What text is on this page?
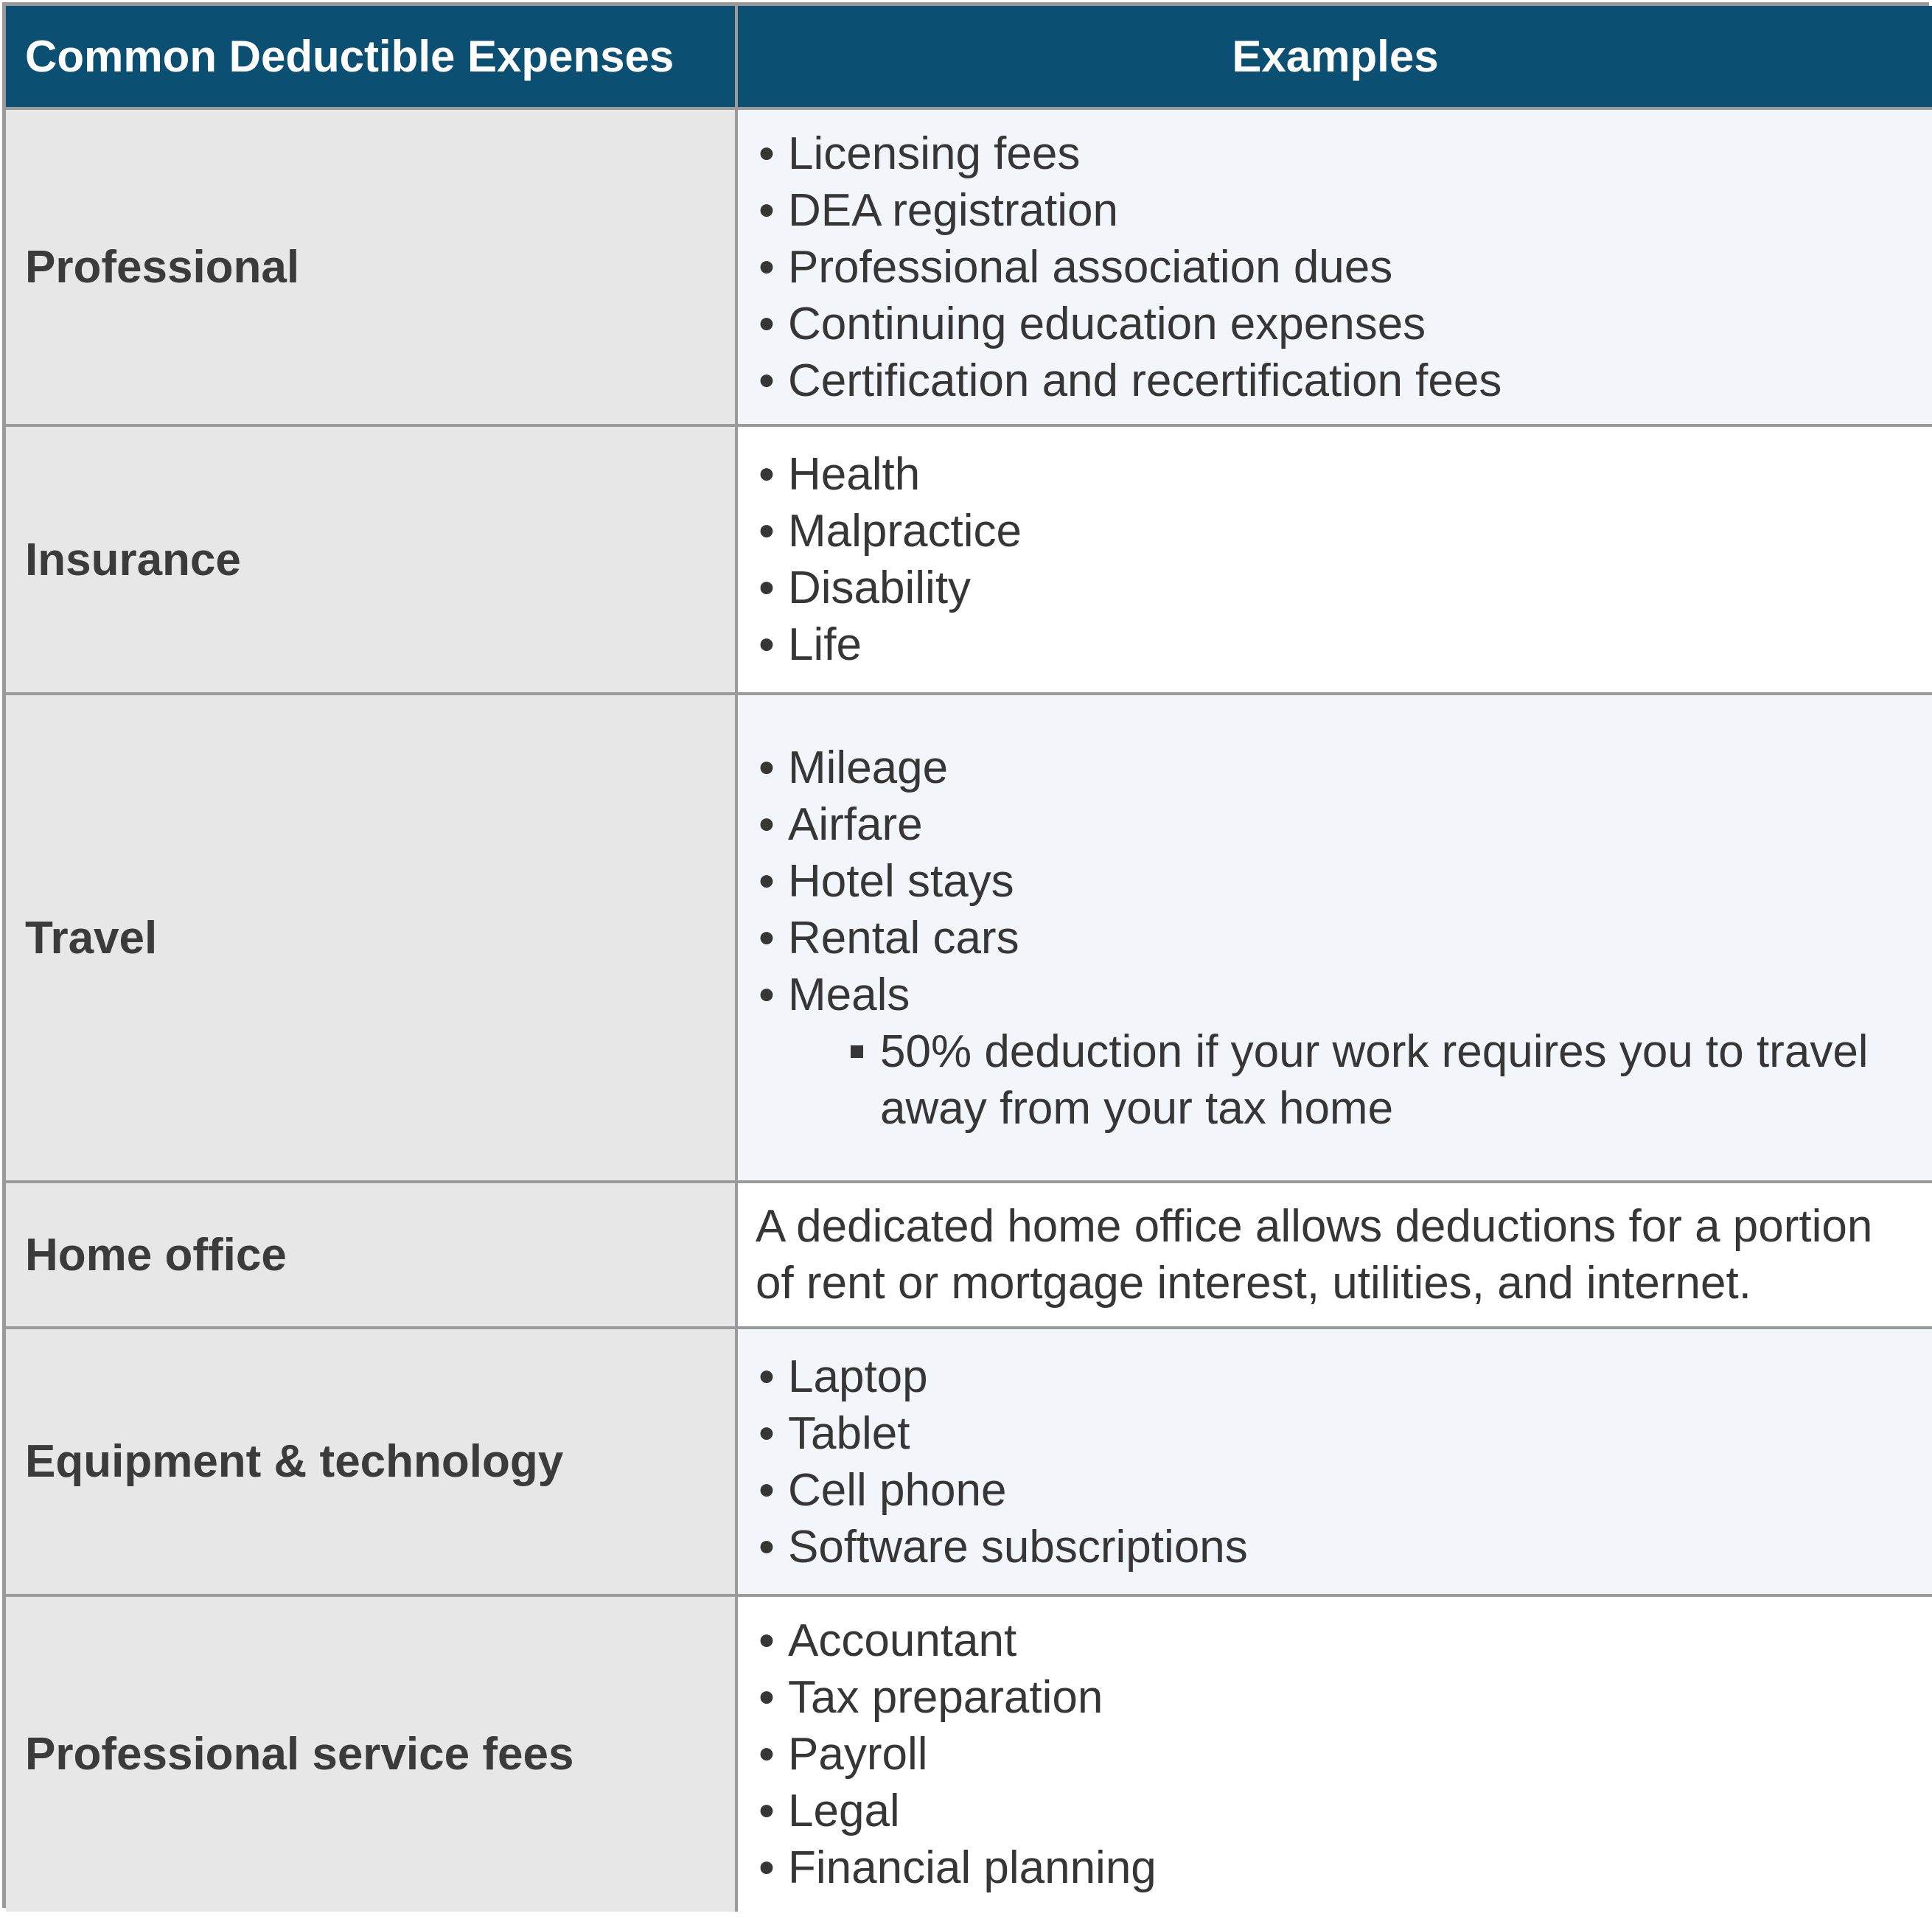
Common Deductible Expenses	Examples
Professional
• Licensing fees
• DEA registration
• Professional association dues
• Continuing education expenses
• Certification and recertification fees
Insurance
• Health
• Malpractice
• Disability
• Life
Travel
• Mileage
• Airfare
• Hotel stays
• Rental cars
• Meals
50% deduction if your work requires you to travel away from your tax home
Home office
A dedicated home office allows deductions for a portion of rent or mortgage interest, utilities, and internet.
Equipment & technology
• Laptop
• Tablet
• Cell phone
• Software subscriptions
Professional service fees
• Accountant
• Tax preparation
• Payroll
• Legal
• Financial planning
